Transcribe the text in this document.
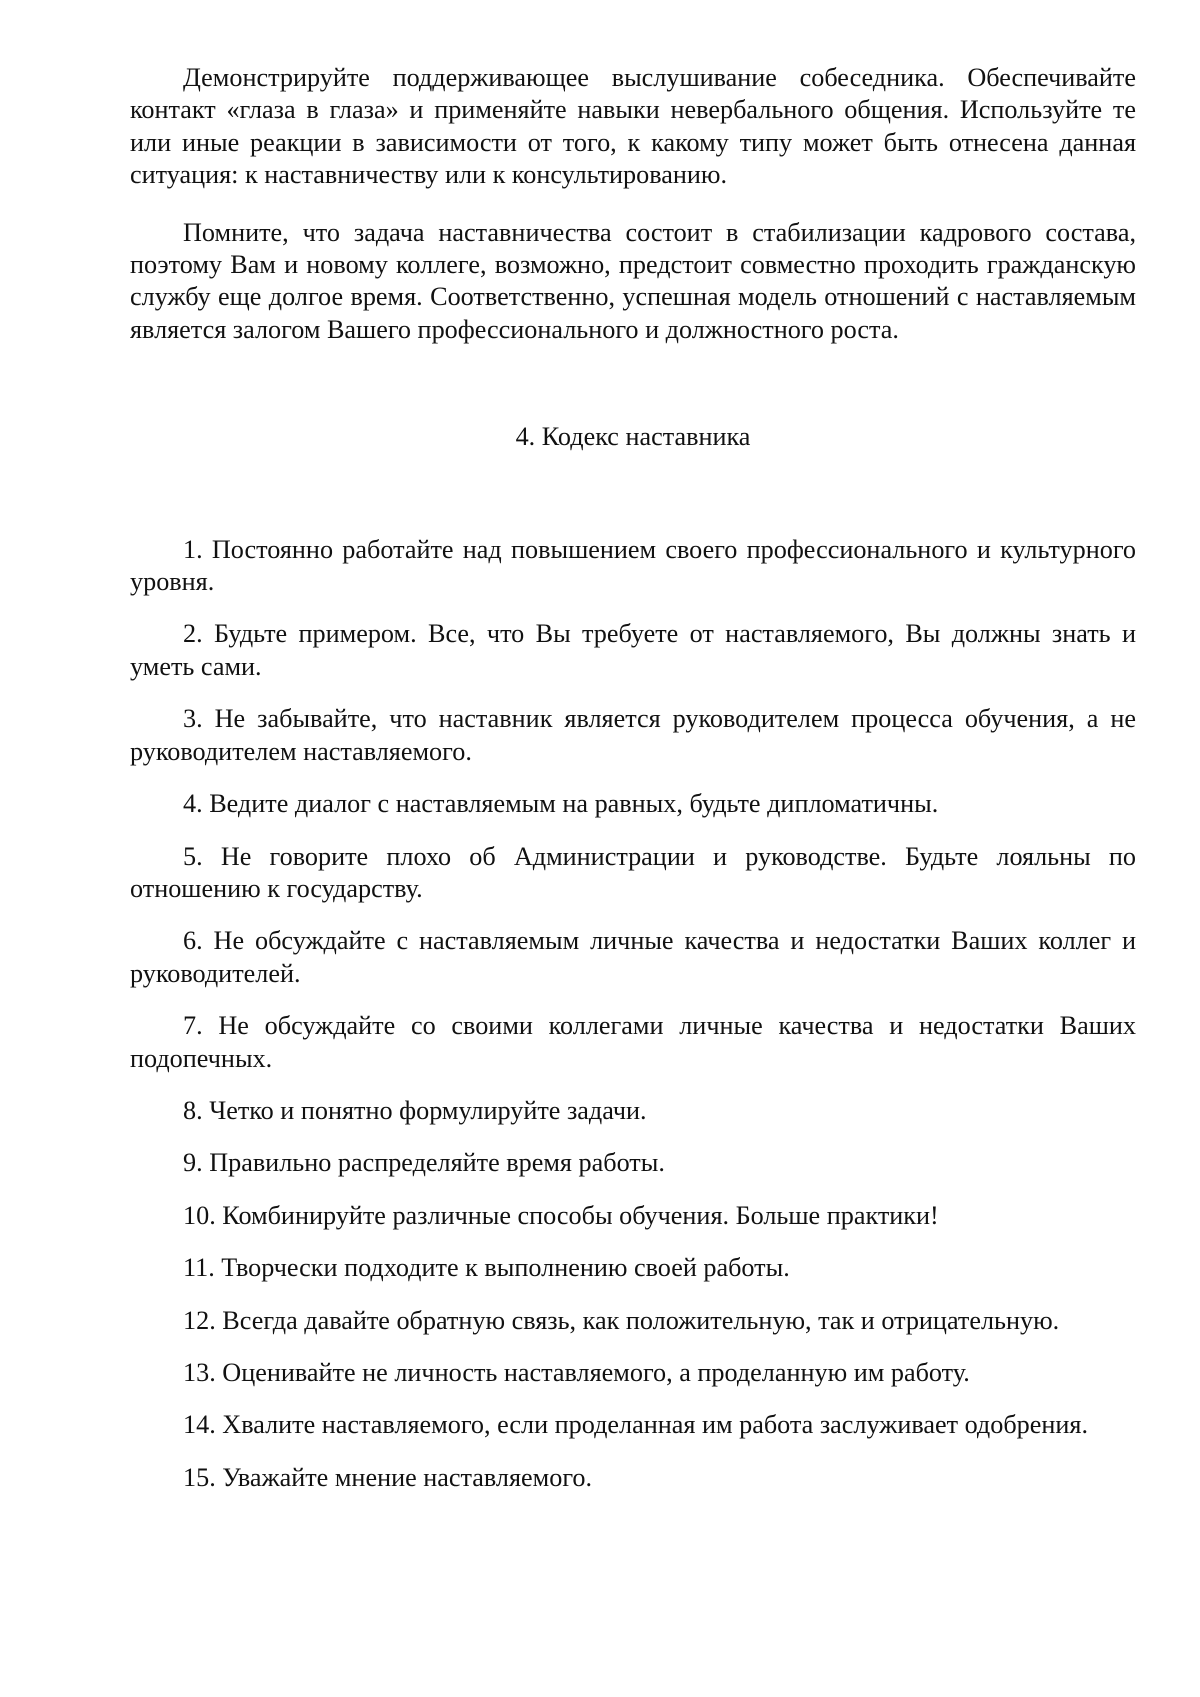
Демонстрируйте поддерживающее выслушивание собеседника. Обеспечивайте контакт «глаза в глаза» и применяйте навыки невербального общения. Используйте те или иные реакции в зависимости от того, к какому типу может быть отнесена данная ситуация: к наставничеству или к консультированию.

Помните, что задача наставничества состоит в стабилизации кадрового состава, поэтому Вам и новому коллеге, возможно, предстоит совместно проходить гражданскую службу еще долгое время. Соответственно, успешная модель отношений с наставляемым является залогом Вашего профессионального и должностного роста.

4. Кодекс наставника

1. Постоянно работайте над повышением своего профессионального и культурного уровня.

2. Будьте примером. Все, что Вы требуете от наставляемого, Вы должны знать и уметь сами.

3. Не забывайте, что наставник является руководителем процесса обучения, а не руководителем наставляемого.

4. Ведите диалог с наставляемым на равных, будьте дипломатичны.

5. Не говорите плохо об Администрации и руководстве. Будьте лояльны по отношению к государству.

6. Не обсуждайте с наставляемым личные качества и недостатки Ваших коллег и руководителей.

7. Не обсуждайте со своими коллегами личные качества и недостатки Ваших подопечных.

8. Четко и понятно формулируйте задачи.

9. Правильно распределяйте время работы.

10. Комбинируйте различные способы обучения. Больше практики!

11. Творчески подходите к выполнению своей работы.

12. Всегда давайте обратную связь, как положительную, так и отрицательную.

13. Оценивайте не личность наставляемого, а проделанную им работу.

14. Хвалите наставляемого, если проделанная им работа заслуживает одобрения.

15. Уважайте мнение наставляемого.
